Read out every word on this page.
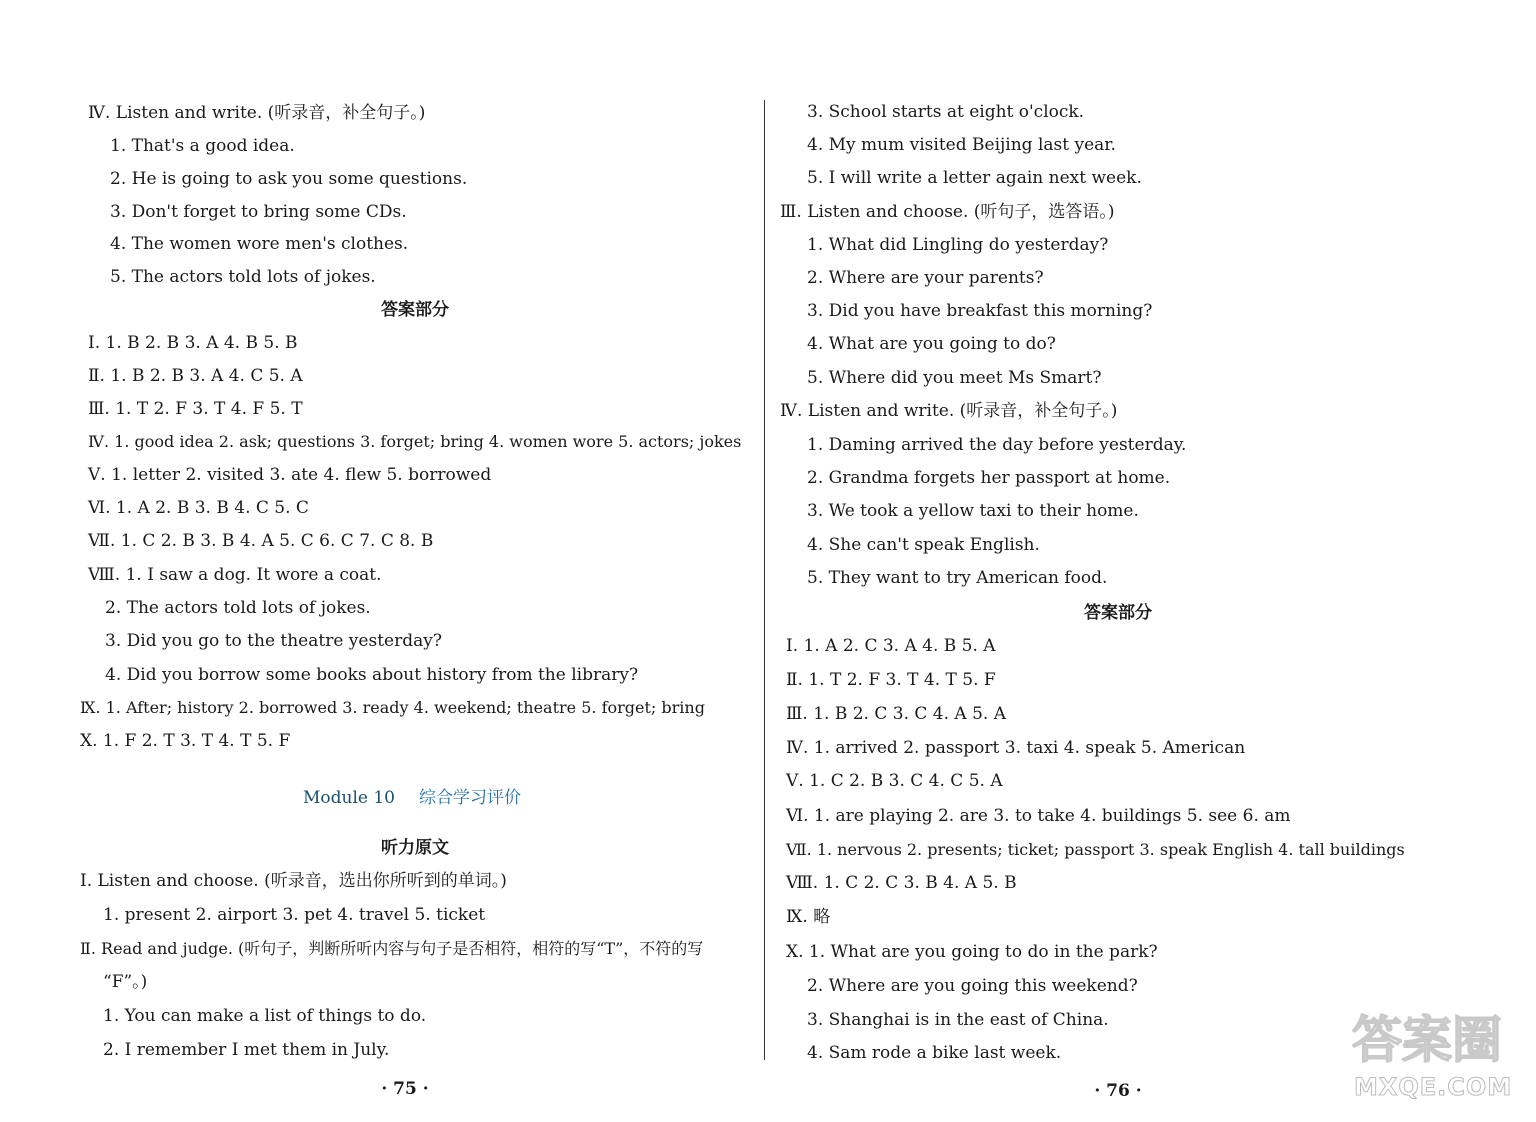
Ⅳ. Listen and write. (听录音，补全句子。)
1. That's a good idea.
2. He is going to ask you some questions.
3. Don't forget to bring some CDs.
4. The women wore men's clothes.
5. The actors told lots of jokes.
答案部分
Ⅰ. 1. B 2. B 3. A 4. B 5. B
Ⅱ. 1. B 2. B 3. A 4. C 5. A
Ⅲ. 1. T 2. F 3. T 4. F 5. T
Ⅳ. 1. good idea 2. ask; questions 3. forget; bring 4. women wore 5. actors; jokes
Ⅴ. 1. letter 2. visited 3. ate 4. flew 5. borrowed
Ⅵ. 1. A 2. B 3. B 4. C 5. C
Ⅶ. 1. C 2. B 3. B 4. A 5. C 6. C 7. C 8. B
Ⅷ. 1. I saw a dog. It wore a coat.
2. The actors told lots of jokes.
3. Did you go to the theatre yesterday?
4. Did you borrow some books about history from the library?
Ⅸ. 1. After; history 2. borrowed 3. ready 4. weekend; theatre 5. forget; bring
Ⅹ. 1. F 2. T 3. T 4. T 5. F
Module 10 综合学习评价
听力原文
Ⅰ. Listen and choose. (听录音，选出你所听到的单词。)
1. present 2. airport 3. pet 4. travel 5. ticket
Ⅱ. Read and judge. (听句子，判断所听内容与句子是否相符，相符的写“T”，不符的写
“F”。)
1. You can make a list of things to do.
2. I remember I met them in July.
· 75 ·
3. School starts at eight o'clock.
4. My mum visited Beijing last year.
5. I will write a letter again next week.
Ⅲ. Listen and choose. (听句子，选答语。)
1. What did Lingling do yesterday?
2. Where are your parents?
3. Did you have breakfast this morning?
4. What are you going to do?
5. Where did you meet Ms Smart?
Ⅳ. Listen and write. (听录音，补全句子。)
1. Daming arrived the day before yesterday.
2. Grandma forgets her passport at home.
3. We took a yellow taxi to their home.
4. She can't speak English.
5. They want to try American food.
答案部分
Ⅰ. 1. A 2. C 3. A 4. B 5. A
Ⅱ. 1. T 2. F 3. T 4. T 5. F
Ⅲ. 1. B 2. C 3. C 4. A 5. A
Ⅳ. 1. arrived 2. passport 3. taxi 4. speak 5. American
Ⅴ. 1. C 2. B 3. C 4. C 5. A
Ⅵ. 1. are playing 2. are 3. to take 4. buildings 5. see 6. am
Ⅶ. 1. nervous 2. presents; ticket; passport 3. speak English 4. tall buildings
Ⅷ. 1. C 2. C 3. B 4. A 5. B
Ⅸ. 略
Ⅹ. 1. What are you going to do in the park?
2. Where are you going this weekend?
3. Shanghai is in the east of China.
4. Sam rode a bike last week.
· 76 ·
答案圈
MXQE.COM
